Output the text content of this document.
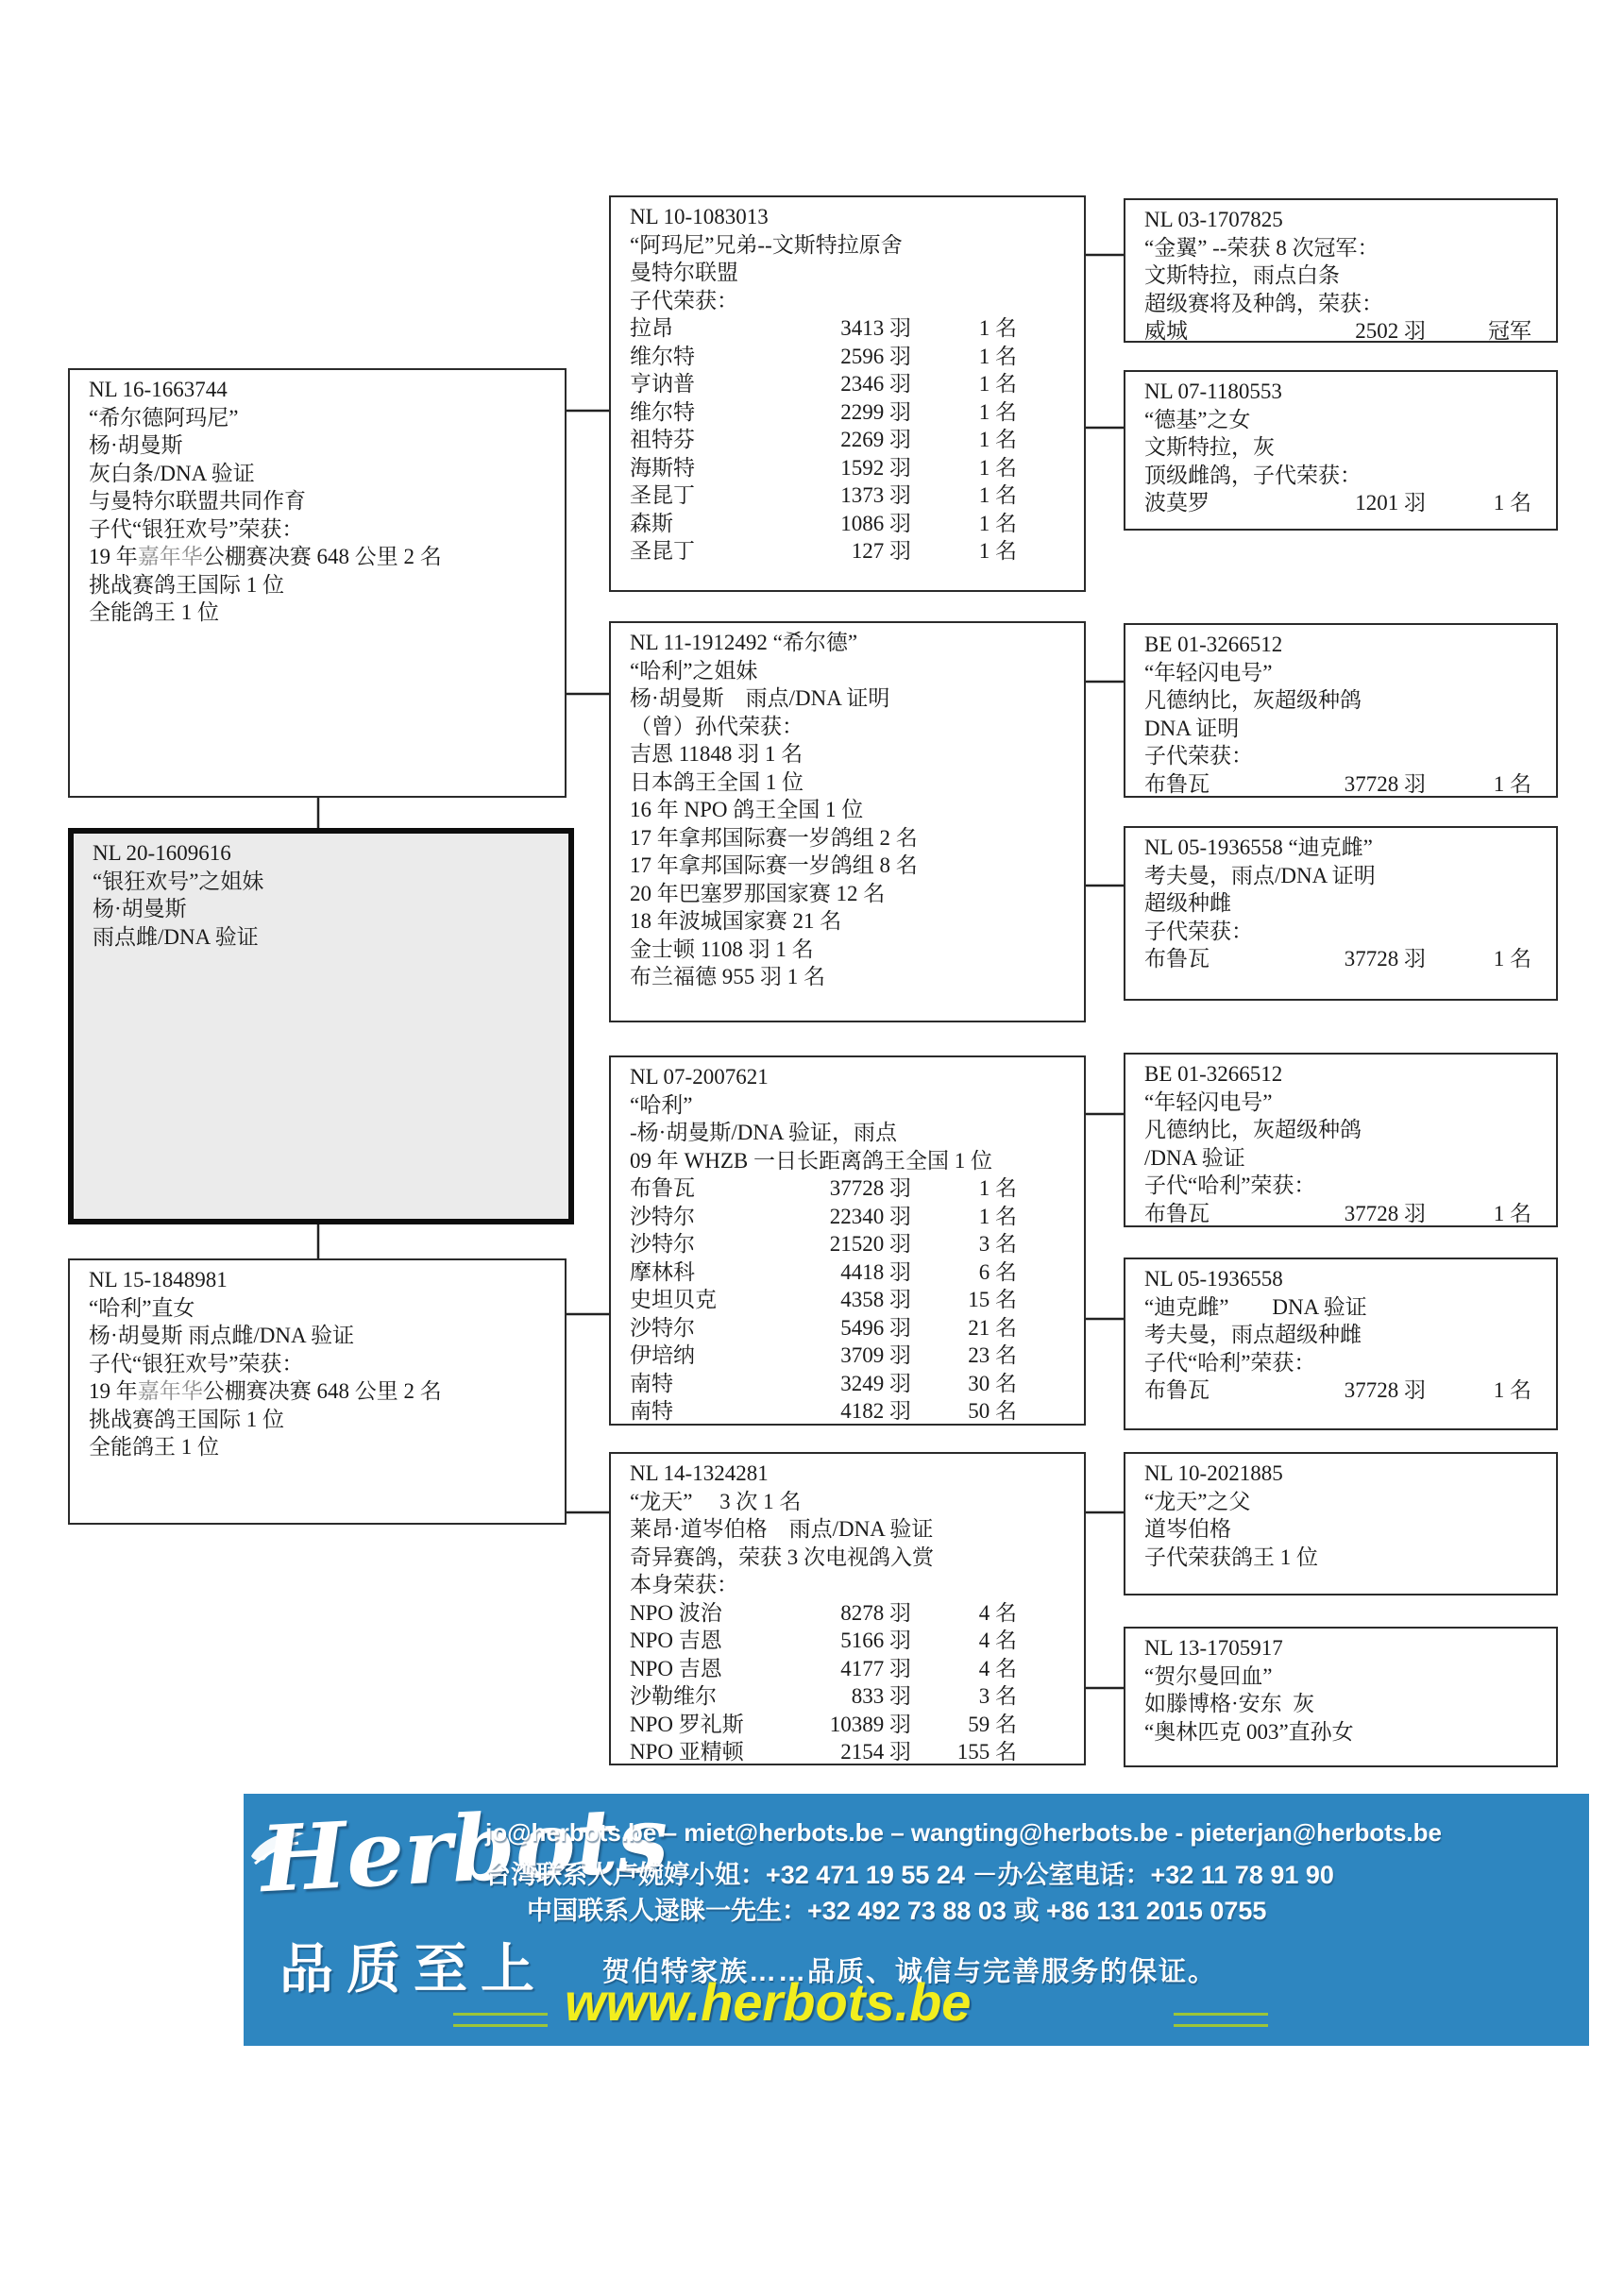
NL 16-1663744
“希尔德阿玛尼”
杨·胡曼斯
灰白条/DNA 验证
与曼特尔联盟共同作育
子代“银狂欢号”荣获：
19 年嘉年华公棚赛决赛 648 公里 2 名
挑战赛鸽王国际 1 位
全能鸽王 1 位
NL 20-1609616
“银狂欢号”之姐妹
杨·胡曼斯
雨点雌/DNA 验证
NL 15-1848981
“哈利”直女
杨·胡曼斯 雨点雌/DNA 验证
子代“银狂欢号”荣获：
19 年嘉年华公棚赛决赛 648 公里 2 名
挑战赛鸽王国际 1 位
全能鸽王 1 位
NL 10-1083013
“阿玛尼”兄弟--文斯特拉原舍
曼特尔联盟
子代荣获：
拉昂	3413 羽	1 名
维尔特	2596 羽	1 名
亨讷普	2346 羽	1 名
维尔特	2299 羽	1 名
祖特芬	2269 羽	1 名
海斯特	1592 羽	1 名
圣昆丁	1373 羽	1 名
森斯	1086 羽	1 名
圣昆丁	127 羽	1 名
NL 11-1912492 “希尔德”
“哈利”之姐妹
杨·胡曼斯　雨点/DNA 证明
（曾）孙代荣获：
吉恩 11848 羽 1 名
日本鸽王全国 1 位
16 年 NPO 鸽王全国 1 位
17 年拿邦国际赛一岁鸽组 2 名
17 年拿邦国际赛一岁鸽组 8 名
20 年巴塞罗那国家赛 12 名
18 年波城国家赛 21 名
金士顿 1108 羽 1 名
布兰福德 955 羽 1 名
NL 07-2007621
“哈利”
-杨·胡曼斯/DNA 验证，雨点
09 年 WHZB 一日长距离鸽王全国 1 位
布鲁瓦	37728 羽	1 名
沙特尔	22340 羽	1 名
沙特尔	21520 羽	3 名
摩林科	4418 羽	6 名
史坦贝克	4358 羽	15 名
沙特尔	5496 羽	21 名
伊培纳	3709 羽	23 名
南特	3249 羽	30 名
南特	4182 羽	50 名
NL 14-1324281
“龙天”　 3 次 1 名
莱昂·道岑伯格　雨点/DNA 验证
奇异赛鸽，荣获 3 次电视鸽入赏
本身荣获：
NPO 波治	8278 羽	4 名
NPO 吉恩	5166 羽	4 名
NPO 吉恩	4177 羽	4 名
沙勒维尔	833 羽	3 名
NPO 罗礼斯	10389 羽	59 名
NPO 亚精顿	2154 羽 155 名
NL 03-1707825
“金翼” --荣获 8 次冠军：
文斯特拉，雨点白条
超级赛将及种鸽，荣获：
威城	2502 羽	冠军
NL 07-1180553
“德基”之女
文斯特拉，灰
顶级雌鸽，子代荣获：
波莫罗	1201 羽	1 名
BE 01-3266512
“年轻闪电号”
凡德纳比，灰超级种鸽
DNA 证明
子代荣获：
布鲁瓦	37728 羽	1 名
NL 05-1936558 “迪克雌”
考夫曼，雨点/DNA 证明
超级种雌
子代荣获：
布鲁瓦	37728 羽	1 名
BE 01-3266512
“年轻闪电号”
凡德纳比，灰超级种鸽
/DNA 验证
子代“哈利”荣获：
布鲁瓦	37728 羽	1 名
NL 05-1936558
“迪克雌”　　DNA 验证
考夫曼，雨点超级种雌
子代“哈利”荣获：
布鲁瓦	37728 羽	1 名
NL 10-2021885
“龙天”之父
道岑伯格
子代荣获鸽王 1 位
NL 13-1705917
“贺尔曼回血”
如滕博格·安东  灰
“奥林匹克 003”直孙女
Herbots
品质至上
jo@herbots.be – miet@herbots.be – wangting@herbots.be - pieterjan@herbots.be
台湾联系人卢婉婷小姐：+32 471 19 55 24 －办公室电话：+32 11 78 91 90
中国联系人逯睐一先生：+32 492 73 88 03 或 +86 131 2015 0755
贺伯特家族……品质、诚信与完善服务的保证。
www.herbots.be
